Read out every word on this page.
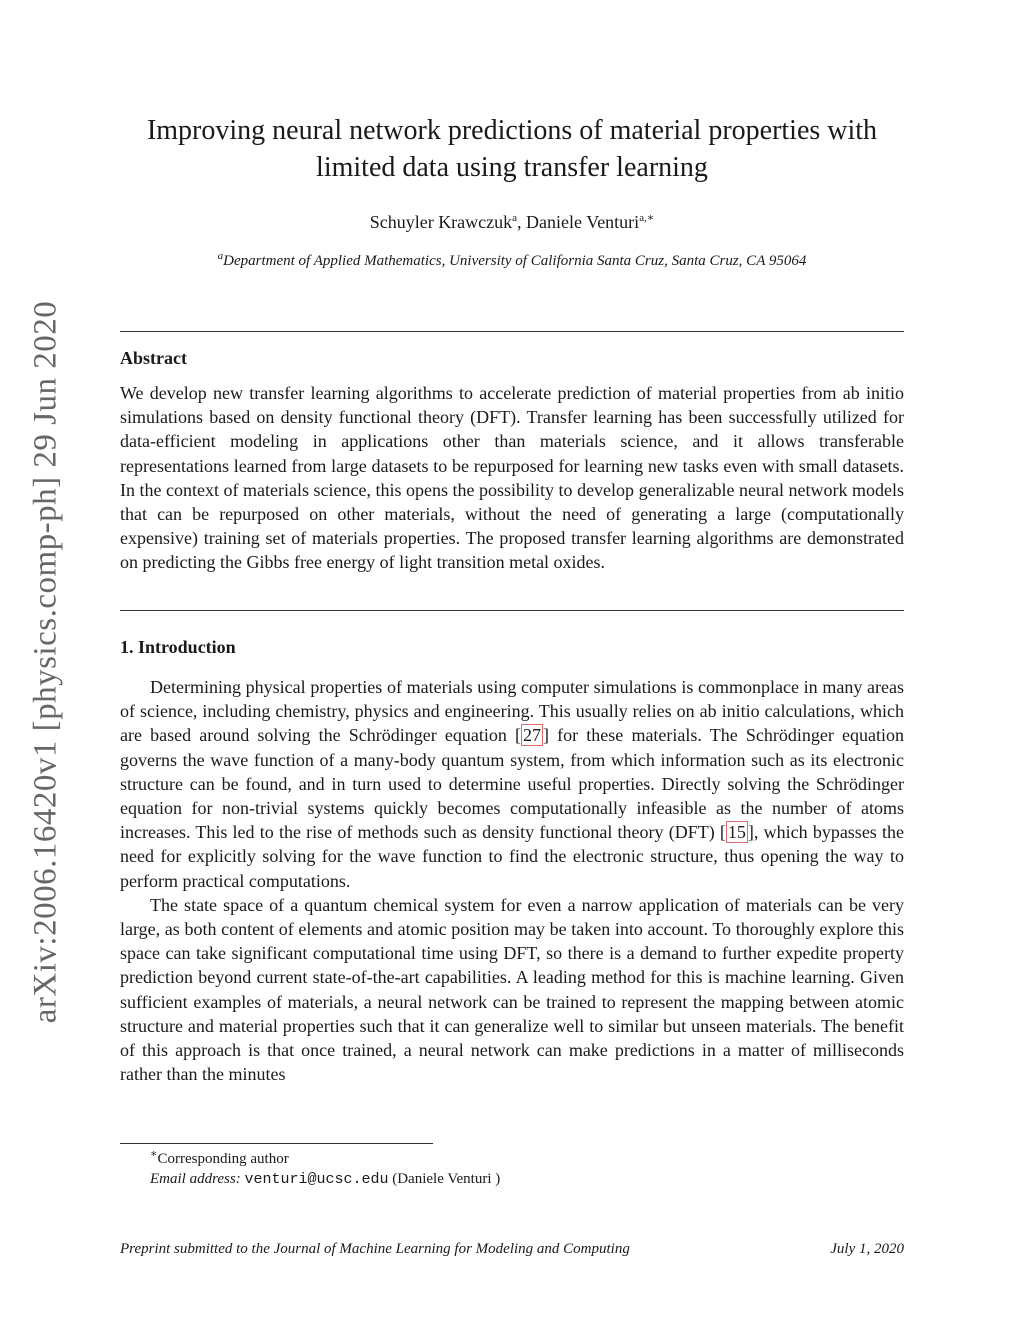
arXiv:2006.16420v1 [physics.comp-ph] 29 Jun 2020
Improving neural network predictions of material properties with
limited data using transfer learning
Schuyler Krawczuk$^a$, Daniele Venturi$^{a,∗}$
$^a$Department of Applied Mathematics, University of California Santa Cruz, Santa Cruz, CA 95064
Abstract
We develop new transfer learning algorithms to accelerate prediction of material properties from ab initio simulations based on density functional theory (DFT). Transfer learning has been successfully utilized for data-efficient modeling in applications other than materials science, and it allows transferable representations learned from large datasets to be repurposed for learning new tasks even with small datasets. In the context of materials science, this opens the possibility to develop generalizable neural network models that can be repurposed on other materials, without the need of generating a large (computationally expensive) training set of materials properties. The proposed transfer learning algorithms are demonstrated on predicting the Gibbs free energy of light transition metal oxides.
1. Introduction

Determining physical properties of materials using computer simulations is commonplace in many areas of science, including chemistry, physics and engineering. This usually relies on ab initio calculations, which are based around solving the Schrödinger equation [ 27 ] for these materials. The Schrödinger equation governs the wave function of a many-body quantum system, from which information such as its electronic structure can be found, and in turn used to determine useful properties. Directly solving the Schrödinger equation for non-trivial systems quickly becomes computationally infeasible as the number of atoms increases. This led to the rise of methods such as density functional theory (DFT) [ 15 ], which bypasses the need for explicitly solving for the wave function to find the electronic structure, thus opening the way to perform practical computations.

The state space of a quantum chemical system for even a narrow application of materials can be very large, as both content of elements and atomic position may be taken into account. To thoroughly explore this space can take significant computational time using DFT, so there is a demand to further expedite property prediction beyond current state-of-the-art capabilities. A leading method for this is machine learning. Given sufficient examples of materials, a neural network can be trained to represent the mapping between atomic structure and material properties such that it can generalize well to similar but unseen materials. The benefit of this approach is that once trained, a neural network can make predictions in a matter of milliseconds rather than the minutes

∗Corresponding author
Email address: venturi@ucsc.edu (Daniele Venturi )
Preprint submitted to the Journal of Machine Learning for Modeling and Computing	July 1, 2020
